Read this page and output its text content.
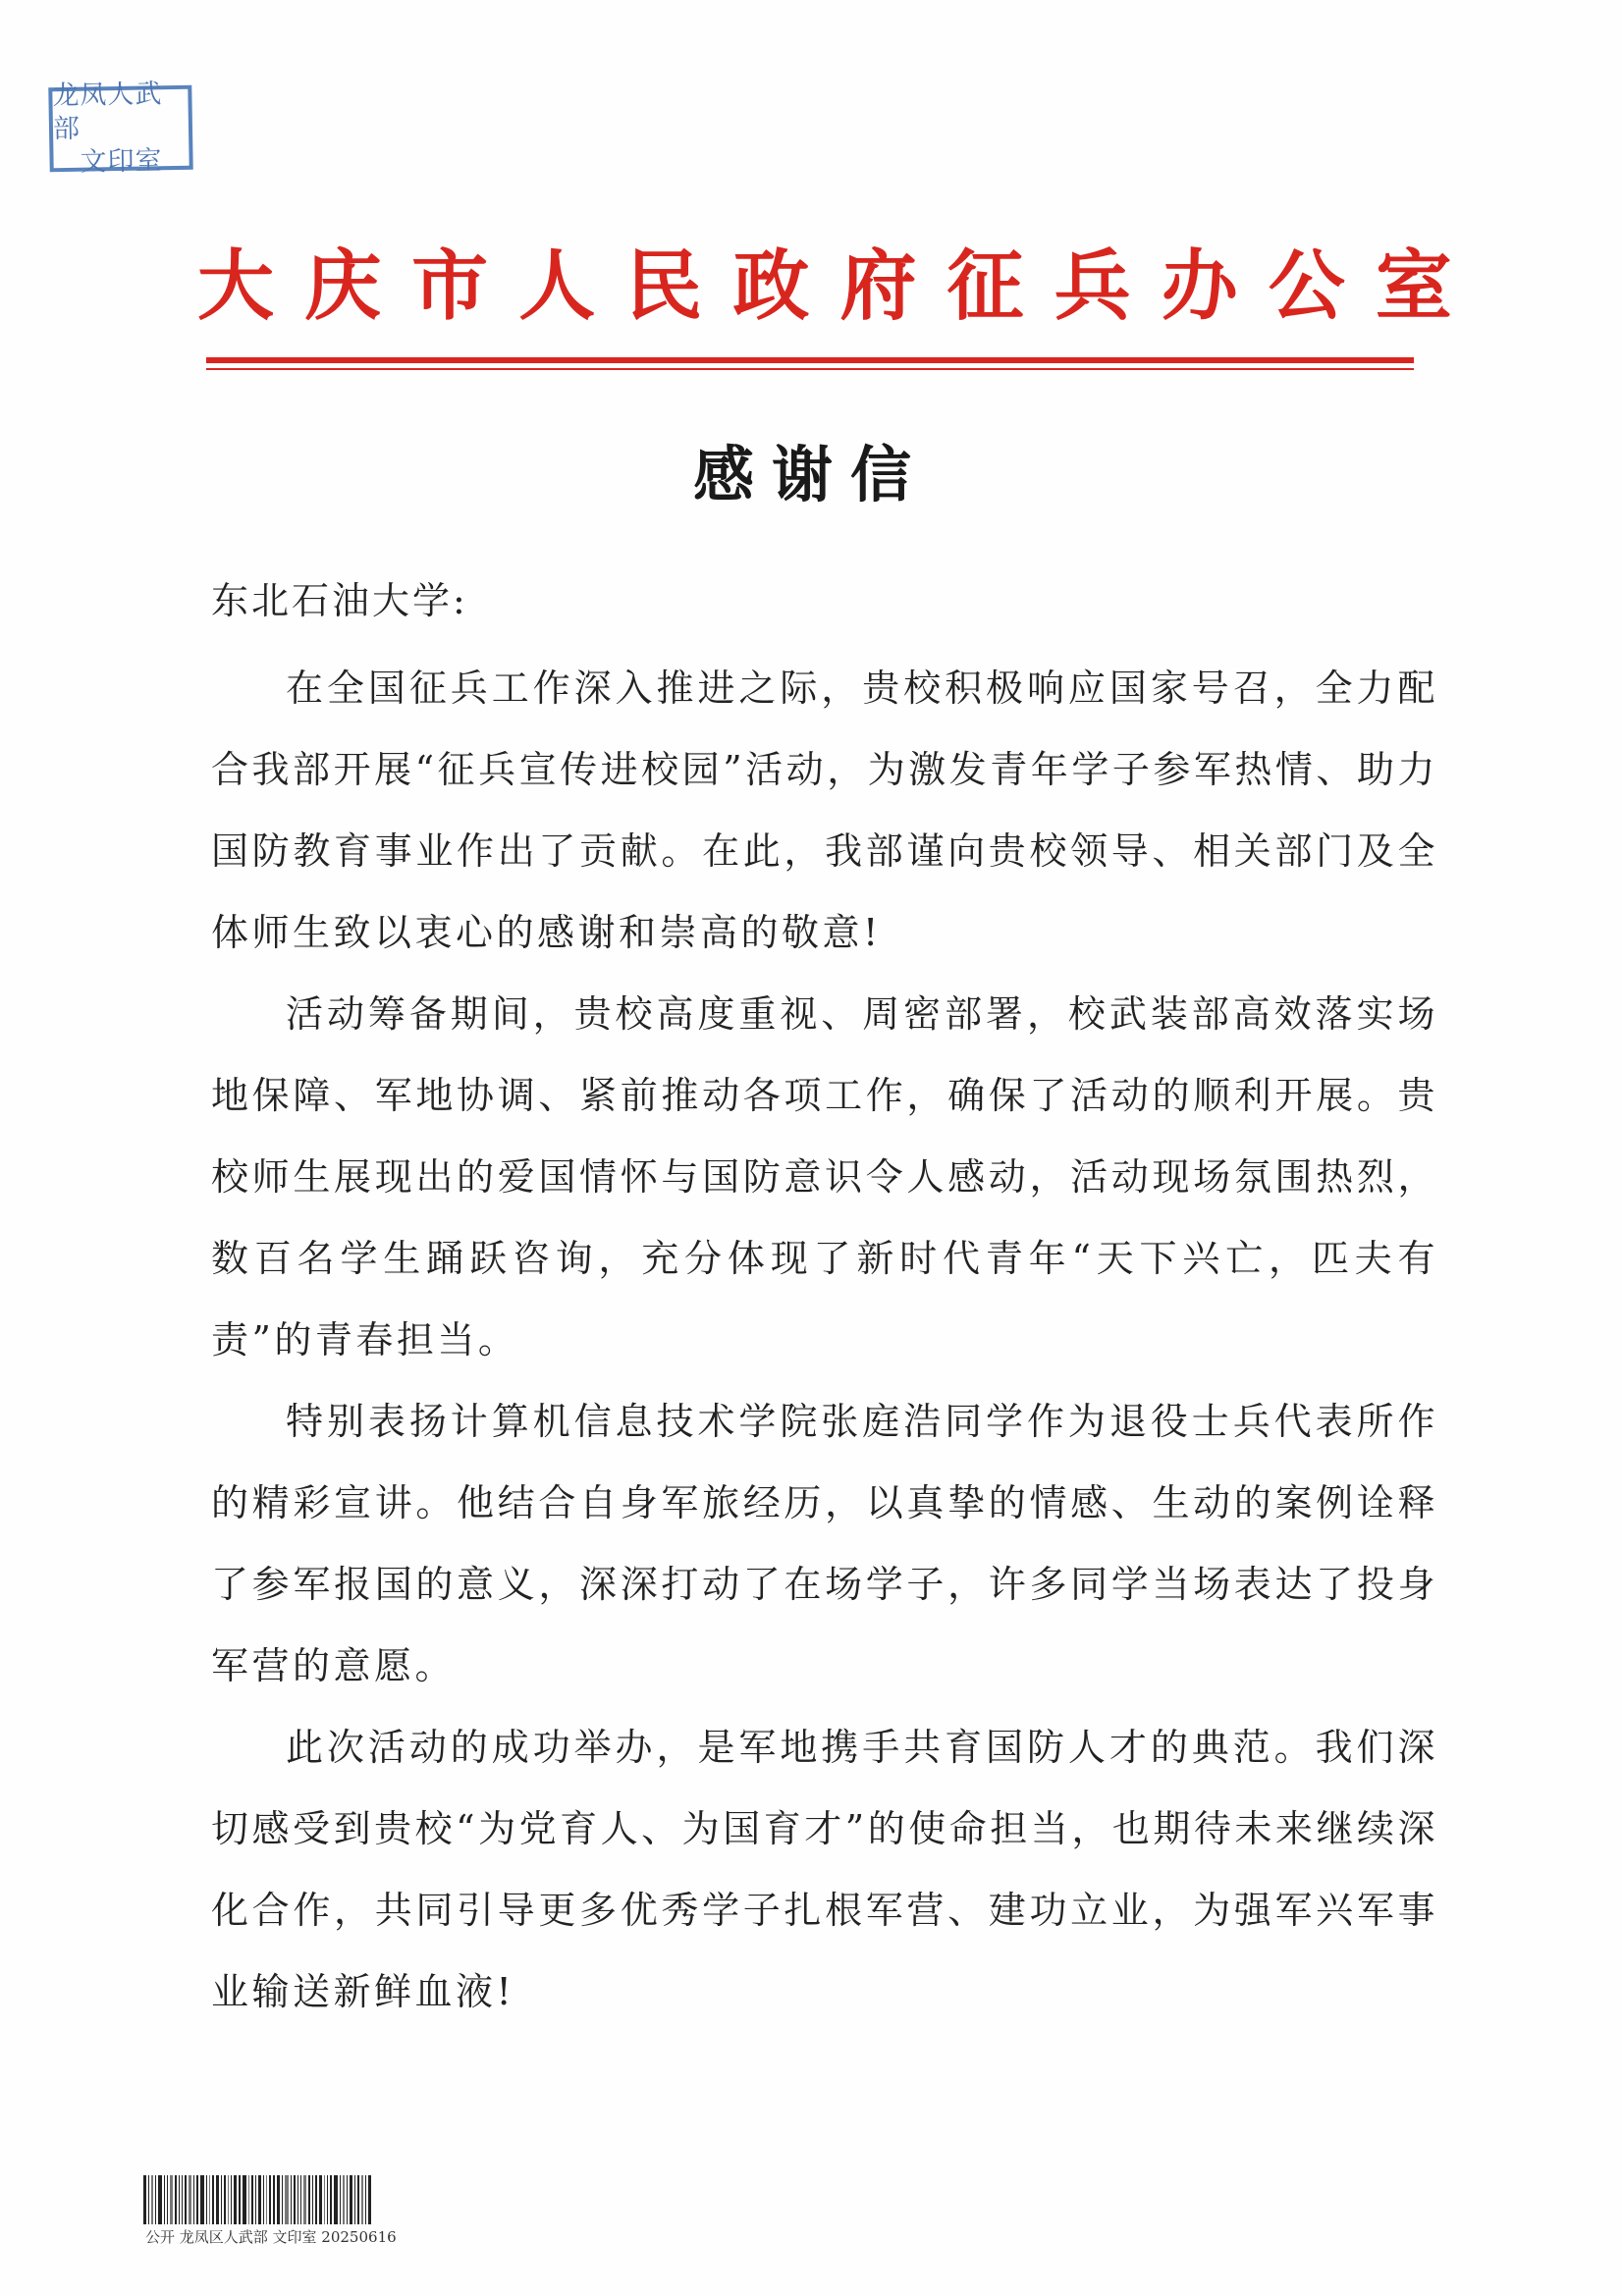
龙凤人武部
文印室
大 庆 市 人 民 政 府 征 兵 办 公 室
感谢信
东北石油大学:

在全国征兵工作深入推进之际，贵校积极响应国家号召，全力配合我部开展“征兵宣传进校园”活动，为激发青年学子参军热情、助力国防教育事业作出了贡献。在此，我部谨向贵校领导、相关部门及全体师生致以衷心的感谢和崇高的敬意!

活动筹备期间，贵校高度重视、周密部署，校武装部高效落实场地保障、军地协调、紧前推动各项工作，确保了活动的顺利开展。贵校师生展现出的爱国情怀与国防意识令人感动，活动现场氛围热烈，数百名学生踊跃咨询，充分体现了新时代青年“天下兴亡，匹夫有责”的青春担当。

特别表扬计算机信息技术学院张庭浩同学作为退役士兵代表所作的精彩宣讲。他结合自身军旅经历，以真挚的情感、生动的案例诠释了参军报国的意义，深深打动了在场学子，许多同学当场表达了投身军营的意愿。

此次活动的成功举办，是军地携手共育国防人才的典范。我们深切感受到贵校“为党育人、为国育才”的使命担当，也期待未来继续深化合作，共同引导更多优秀学子扎根军营、建功立业，为强军兴军事业输送新鲜血液!

公开 龙凤区人武部 文印室 20250616
